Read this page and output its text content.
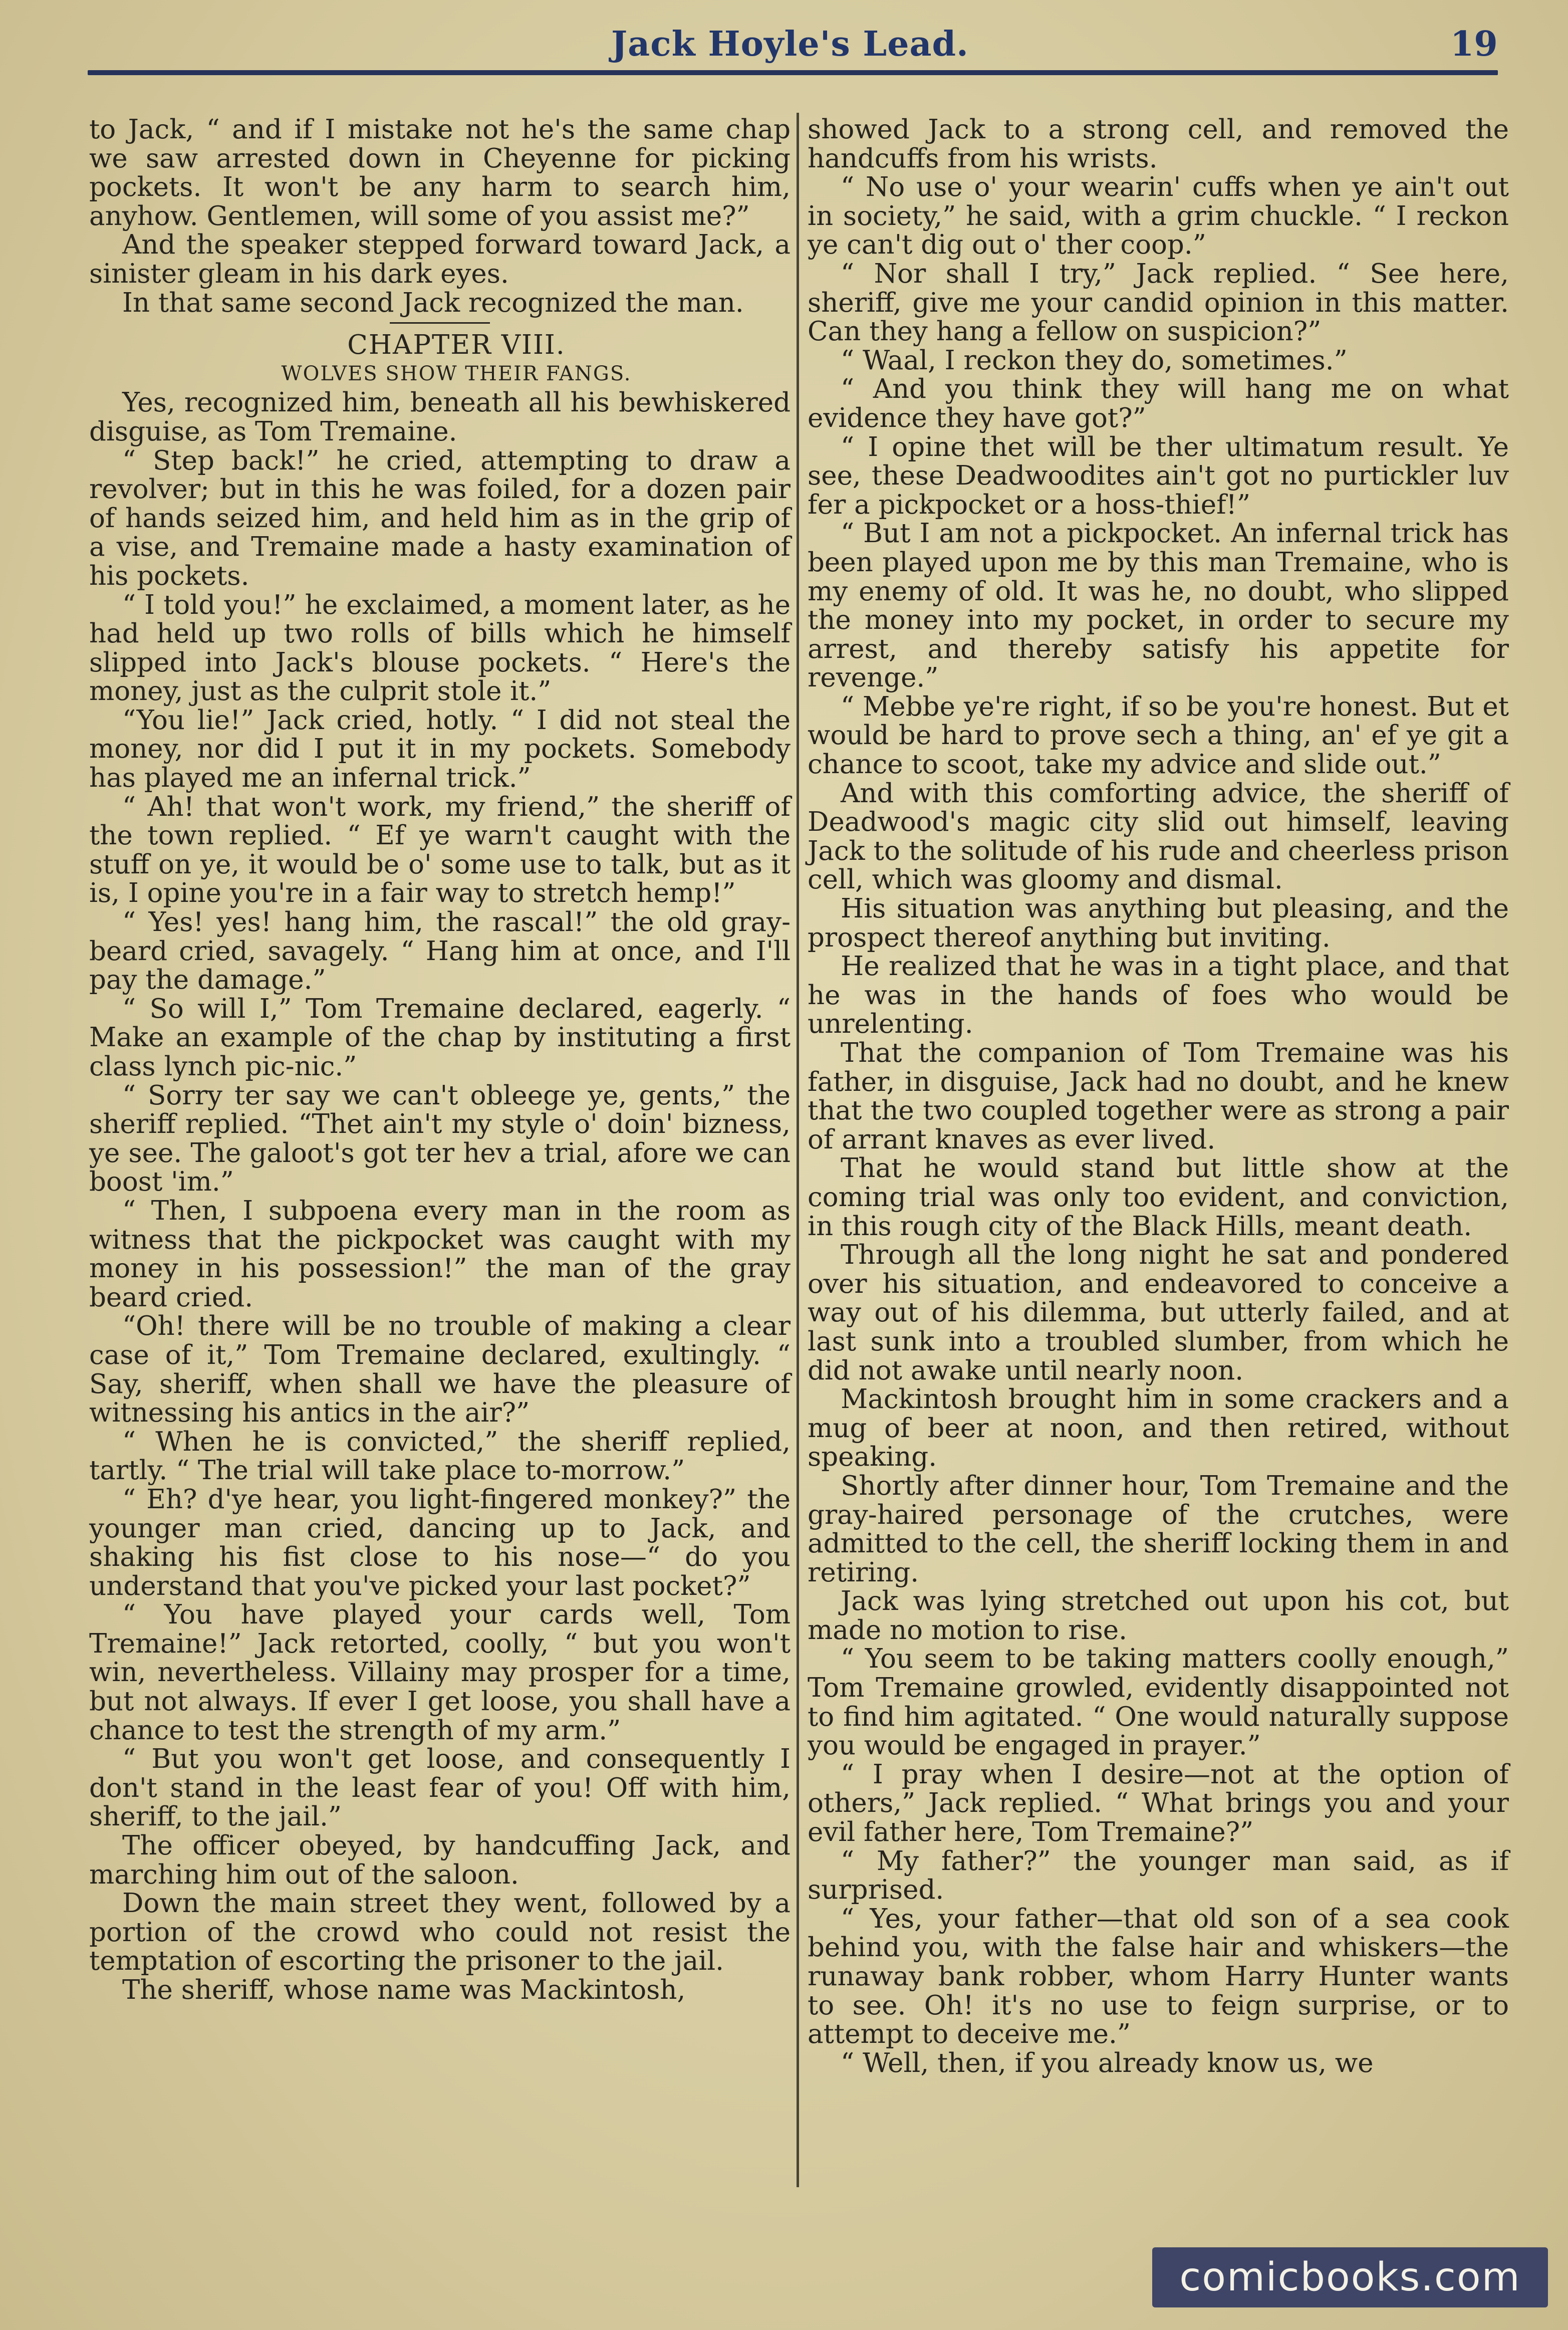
Jack Hoyle's Lead.	19

to Jack, “ and if I mistake not he's the same chap we saw arrested down in Cheyenne for picking pockets. It won't be any harm to search him, anyhow. Gentlemen, will some of you assist me?”

And the speaker stepped forward toward Jack, a sinister gleam in his dark eyes.

In that same second Jack recognized the man.

CHAPTER VIII.

WOLVES SHOW THEIR FANGS.

Yes, recognized him, beneath all his bewhiskered disguise, as Tom Tremaine.

“ Step back!” he cried, attempting to draw a revolver; but in this he was foiled, for a dozen pair of hands seized him, and held him as in the grip of a vise, and Tremaine made a hasty examination of his pockets.

“ I told you!” he exclaimed, a moment later, as he had held up two rolls of bills which he himself slipped into Jack's blouse pockets. “ Here's the money, just as the culprit stole it.”

“You lie!” Jack cried, hotly. “ I did not steal the money, nor did I put it in my pockets. Somebody has played me an infernal trick.”

“ Ah! that won't work, my friend,” the sheriff of the town replied. “ Ef ye warn't caught with the stuff on ye, it would be o' some use to talk, but as it is, I opine you're in a fair way to stretch hemp!”

“ Yes! yes! hang him, the rascal!” the old gray-beard cried, savagely. “ Hang him at once, and I'll pay the damage.”

“ So will I,” Tom Tremaine declared, eagerly. “ Make an example of the chap by instituting a first class lynch pic-nic.”

“ Sorry ter say we can't obleege ye, gents,” the sheriff replied. “Thet ain't my style o' doin' bizness, ye see. The galoot's got ter hev a trial, afore we can boost 'im.”

“ Then, I subpoena every man in the room as witness that the pickpocket was caught with my money in his possession!” the man of the gray beard cried.

“Oh! there will be no trouble of making a clear case of it,” Tom Tremaine declared, exultingly. “ Say, sheriff, when shall we have the pleasure of witnessing his antics in the air?”

“ When he is convicted,” the sheriff replied, tartly. “ The trial will take place to-morrow.”

“ Eh? d'ye hear, you light-fingered monkey?” the younger man cried, dancing up to Jack, and shaking his fist close to his nose—“ do you understand that you've picked your last pocket?”

“ You have played your cards well, Tom Tremaine!” Jack retorted, coolly, “ but you won't win, nevertheless. Villainy may prosper for a time, but not always. If ever I get loose, you shall have a chance to test the strength of my arm.”

“ But you won't get loose, and consequently I don't stand in the least fear of you! Off with him, sheriff, to the jail.”

The officer obeyed, by handcuffing Jack, and marching him out of the saloon.

Down the main street they went, followed by a portion of the crowd who could not resist the temptation of escorting the prisoner to the jail.

The sheriff, whose name was Mackintosh,

showed Jack to a strong cell, and removed the handcuffs from his wrists.

“ No use o' your wearin' cuffs when ye ain't out in society,” he said, with a grim chuckle. “ I reckon ye can't dig out o' ther coop.”

“ Nor shall I try,” Jack replied. “ See here, sheriff, give me your candid opinion in this matter. Can they hang a fellow on suspicion?”

“ Waal, I reckon they do, sometimes.”

“ And you think they will hang me on what evidence they have got?”

“ I opine thet will be ther ultimatum result. Ye see, these Deadwoodites ain't got no purtickler luv fer a pickpocket or a hoss-thief!”

“ But I am not a pickpocket. An infernal trick has been played upon me by this man Tremaine, who is my enemy of old. It was he, no doubt, who slipped the money into my pocket, in order to secure my arrest, and thereby satisfy his appetite for revenge.”

“ Mebbe ye're right, if so be you're honest. But et would be hard to prove sech a thing, an' ef ye git a chance to scoot, take my advice and slide out.”

And with this comforting advice, the sheriff of Deadwood's magic city slid out himself, leaving Jack to the solitude of his rude and cheerless prison cell, which was gloomy and dismal.

His situation was anything but pleasing, and the prospect thereof anything but inviting.

He realized that he was in a tight place, and that he was in the hands of foes who would be unrelenting.

That the companion of Tom Tremaine was his father, in disguise, Jack had no doubt, and he knew that the two coupled together were as strong a pair of arrant knaves as ever lived.

That he would stand but little show at the coming trial was only too evident, and conviction, in this rough city of the Black Hills, meant death.

Through all the long night he sat and pondered over his situation, and endeavored to conceive a way out of his dilemma, but utterly failed, and at last sunk into a troubled slumber, from which he did not awake until nearly noon.

Mackintosh brought him in some crackers and a mug of beer at noon, and then retired, without speaking.

Shortly after dinner hour, Tom Tremaine and the gray-haired personage of the crutches, were admitted to the cell, the sheriff locking them in and retiring.

Jack was lying stretched out upon his cot, but made no motion to rise.

“ You seem to be taking matters coolly enough,” Tom Tremaine growled, evidently disappointed not to find him agitated. “ One would naturally suppose you would be engaged in prayer.”

“ I pray when I desire—not at the option of others,” Jack replied. “ What brings you and your evil father here, Tom Tremaine?”

“ My father?” the younger man said, as if surprised.

“ Yes, your father—that old son of a sea cook behind you, with the false hair and whiskers—the runaway bank robber, whom Harry Hunter wants to see. Oh! it's no use to feign surprise, or to attempt to deceive me.”

“ Well, then, if you already know us, we

comicbooks.com
